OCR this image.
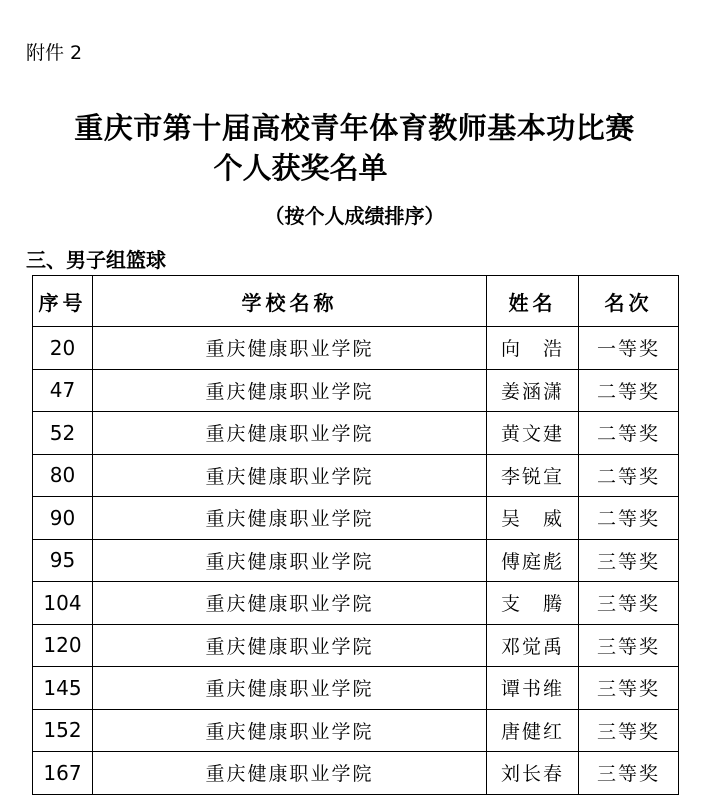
附件 2
重庆市第十届高校青年体育教师基本功比赛
个人获奖名单
（按个人成绩排序）
三、男子组篮球
序号	学校名称	姓名	名次
20	重庆健康职业学院	向　浩	一等奖
47	重庆健康职业学院	姜涵潇	二等奖
52	重庆健康职业学院	黄文建	二等奖
80	重庆健康职业学院	李锐宣	二等奖
90	重庆健康职业学院	吴　威	二等奖
95	重庆健康职业学院	傅庭彪	三等奖
104	重庆健康职业学院	支　腾	三等奖
120	重庆健康职业学院	邓觉禹	三等奖
145	重庆健康职业学院	谭书维	三等奖
152	重庆健康职业学院	唐健红	三等奖
167	重庆健康职业学院	刘长春	三等奖
